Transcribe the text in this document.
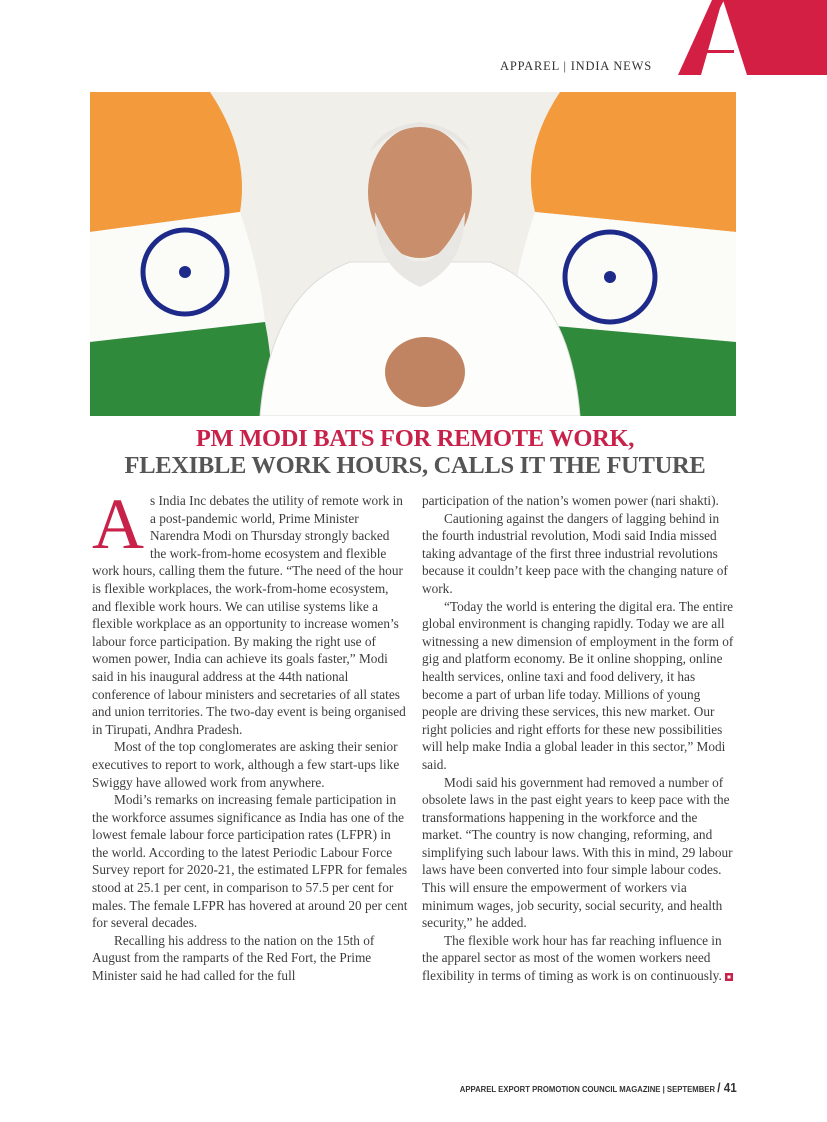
APPAREL | INDIA NEWS
PM MODI BATS FOR REMOTE WORK,
FLEXIBLE WORK HOURS, CALLS IT THE FUTURE

As India Inc debates the utility of remote work in a post-pandemic world, Prime Minister Narendra Modi on Thursday strongly backed the work-from-home ecosystem and flexible work hours, calling them the future. “The need of the hour is flexible workplaces, the work-from-home ecosystem, and flexible work hours. We can utilise systems like a flexible workplace as an opportunity to increase women’s labour force participation. By making the right use of women power, India can achieve its goals faster,” Modi said in his inaugural address at the 44th national conference of labour ministers and secretaries of all states and union territories. The two-day event is being organised in Tirupati, Andhra Pradesh.

Most of the top conglomerates are asking their senior executives to report to work, although a few start-ups like Swiggy have allowed work from anywhere.

Modi’s remarks on increasing female participation in the workforce assumes significance as India has one of the lowest female labour force participation rates (LFPR) in the world. According to the latest Periodic Labour Force Survey report for 2020-21, the estimated LFPR for females stood at 25.1 per cent, in comparison to 57.5 per cent for males. The female LFPR has hovered at around 20 per cent for several decades.

Recalling his address to the nation on the 15th of August from the ramparts of the Red Fort, the Prime Minister said he had called for the full

participation of the nation’s women power (nari shakti).

Cautioning against the dangers of lagging behind in the fourth industrial revolution, Modi said India missed taking advantage of the first three industrial revolutions because it couldn’t keep pace with the changing nature of work.

“Today the world is entering the digital era. The entire global environment is changing rapidly. Today we are all witnessing a new dimension of employment in the form of gig and platform economy. Be it online shopping, online health services, online taxi and food delivery, it has become a part of urban life today. Millions of young people are driving these services, this new market. Our right policies and right efforts for these new possibilities will help make India a global leader in this sector,” Modi said.

Modi said his government had removed a number of obsolete laws in the past eight years to keep pace with the transformations happening in the workforce and the market. “The country is now changing, reforming, and simplifying such labour laws. With this in mind, 29 labour laws have been converted into four simple labour codes. This will ensure the empowerment of workers via minimum wages, job security, social security, and health security,” he added.

The flexible work hour has far reaching influence in the apparel sector as most of the women workers need flexibility in terms of timing as work is on continuously.

APPAREL EXPORT PROMOTION COUNCIL MAGAZINE | SEPTEMBER / 41
